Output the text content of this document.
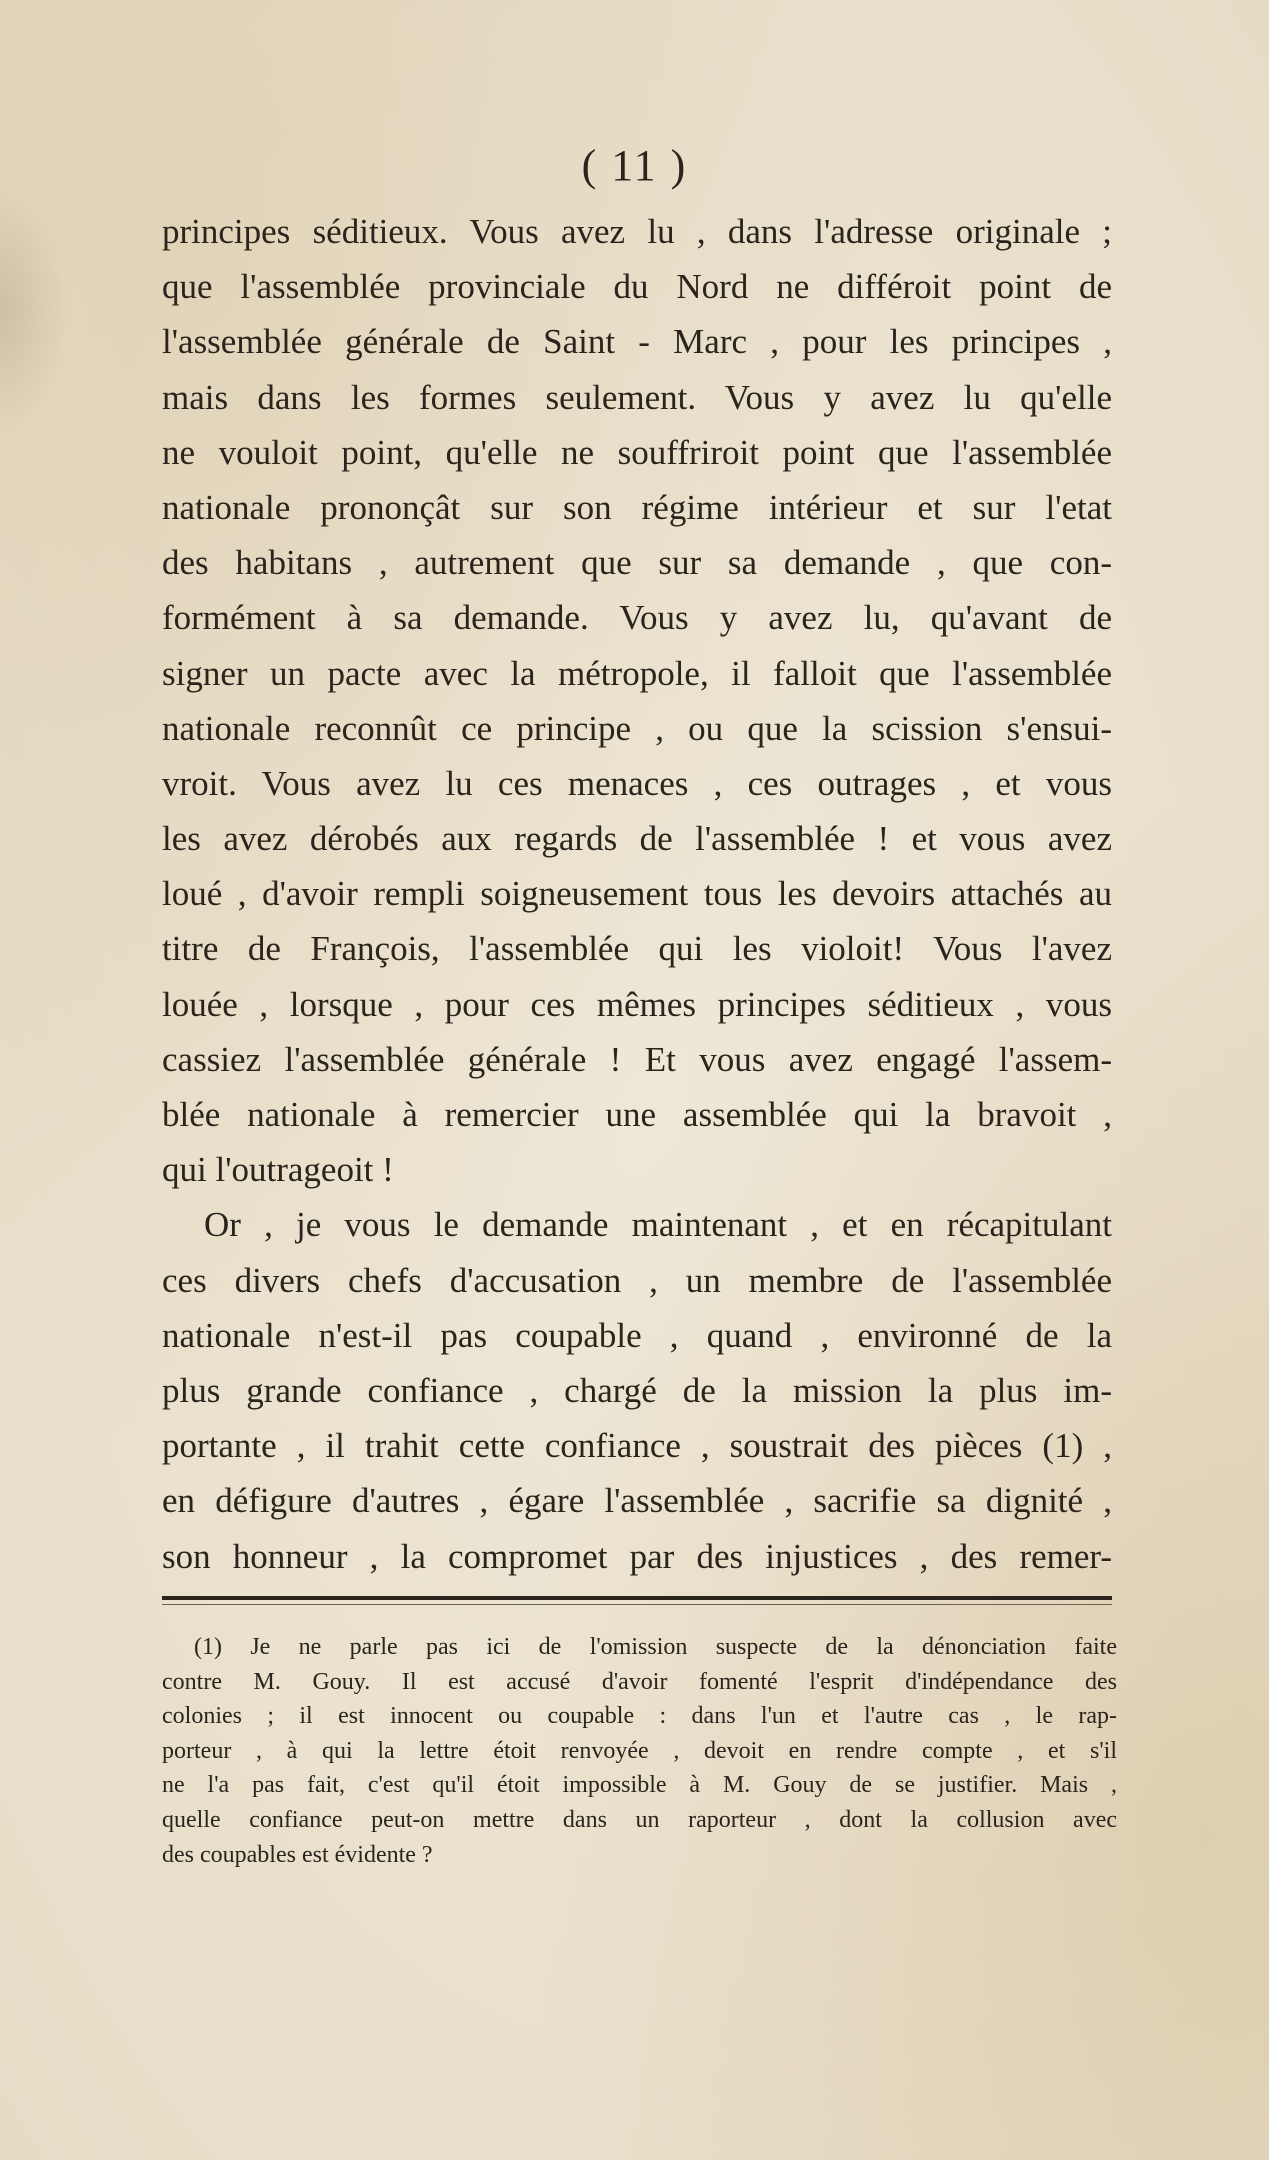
( 11 )
principes séditieux. Vous avez lu , dans l'adresse originale ;
que l'assemblée provinciale du Nord ne différoit point de
l'assemblée générale de Saint - Marc , pour les principes ,
mais dans les formes seulement. Vous y avez lu qu'elle
ne vouloit point, qu'elle ne souffriroit point que l'assemblée
nationale prononçât sur son régime intérieur et sur l'etat
des habitans , autrement que sur sa demande , que con-
formément à sa demande. Vous y avez lu, qu'avant de
signer un pacte avec la métropole, il falloit que l'assemblée
nationale reconnût ce principe , ou que la scission s'ensui-
vroit. Vous avez lu ces menaces , ces outrages , et vous
les avez dérobés aux regards de l'assemblée ! et vous avez
loué , d'avoir rempli soigneusement tous les devoirs attachés au
titre de François, l'assemblée qui les violoit! Vous l'avez
louée , lorsque , pour ces mêmes principes séditieux , vous
cassiez l'assemblée générale ! Et vous avez engagé l'assem-
blée nationale à remercier une assemblée qui la bravoit ,
qui l'outrageoit !
Or , je vous le demande maintenant , et en récapitulant
ces divers chefs d'accusation , un membre de l'assemblée
nationale n'est-il pas coupable , quand , environné de la
plus grande confiance , chargé de la mission la plus im-
portante , il trahit cette confiance , soustrait des pièces (1) ,
en défigure d'autres , égare l'assemblée , sacrifie sa dignité ,
son honneur , la compromet par des injustices , des remer-
(1) Je ne parle pas ici de l'omission suspecte de la dénonciation faite
contre M. Gouy. Il est accusé d'avoir fomenté l'esprit d'indépendance des
colonies ; il est innocent ou coupable : dans l'un et l'autre cas , le rap-
porteur , à qui la lettre étoit renvoyée , devoit en rendre compte , et s'il
ne l'a pas fait, c'est qu'il étoit impossible à M. Gouy de se justifier. Mais ,
quelle confiance peut-on mettre dans un raporteur , dont la collusion avec
des coupables est évidente ?
